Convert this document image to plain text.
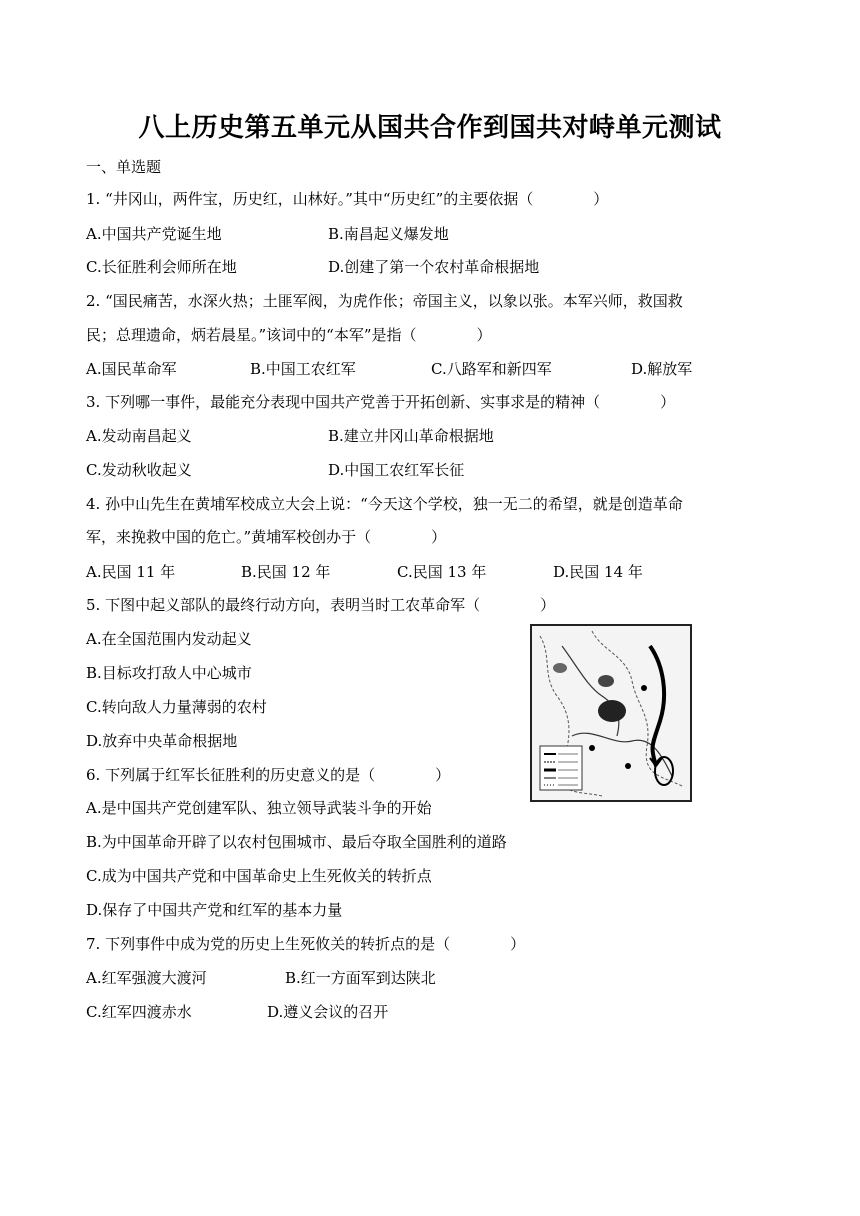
八上历史第五单元从国共合作到国共对峙单元测试
一、单选题
1. “井冈山，两件宝，历史红，山林好。”其中“历史红”的主要依据（　　　　）
A.中国共产党诞生地	B.南昌起义爆发地
C.长征胜利会师所在地	D.创建了第一个农村革命根据地
2. “国民痛苦，水深火热；土匪军阀，为虎作伥；帝国主义，以象以张。本军兴师，救国救
民；总理遗命，炳若晨星。”该词中的“本军”是指（　　　　）
A.国民革命军	B.中国工农红军	C.八路军和新四军	D.解放军
3. 下列哪一事件，最能充分表现中国共产党善于开拓创新、实事求是的精神（　　　　）
A.发动南昌起义	B.建立井冈山革命根据地
C.发动秋收起义	D.中国工农红军长征
4. 孙中山先生在黄埔军校成立大会上说：“今天这个学校，独一无二的希望，就是创造革命
军，来挽救中国的危亡。”黄埔军校创办于（　　　　）
A.民国 11 年	B.民国 12 年	C.民国 13 年	D.民国 14 年
5. 下图中起义部队的最终行动方向，表明当时工农革命军（　　　　）
A.在全国范围内发动起义
B.目标攻打敌人中心城市
C.转向敌人力量薄弱的农村
D.放弃中央革命根据地
6. 下列属于红军长征胜利的历史意义的是（　　　　）
A.是中国共产党创建军队、独立领导武装斗争的开始
B.为中国革命开辟了以农村包围城市、最后夺取全国胜利的道路
C.成为中国共产党和中国革命史上生死攸关的转折点
D.保存了中国共产党和红军的基本力量
7. 下列事件中成为党的历史上生死攸关的转折点的是（　　　　）
A.红军强渡大渡河	B.红一方面军到达陕北
C.红军四渡赤水	D.遵义会议的召开
